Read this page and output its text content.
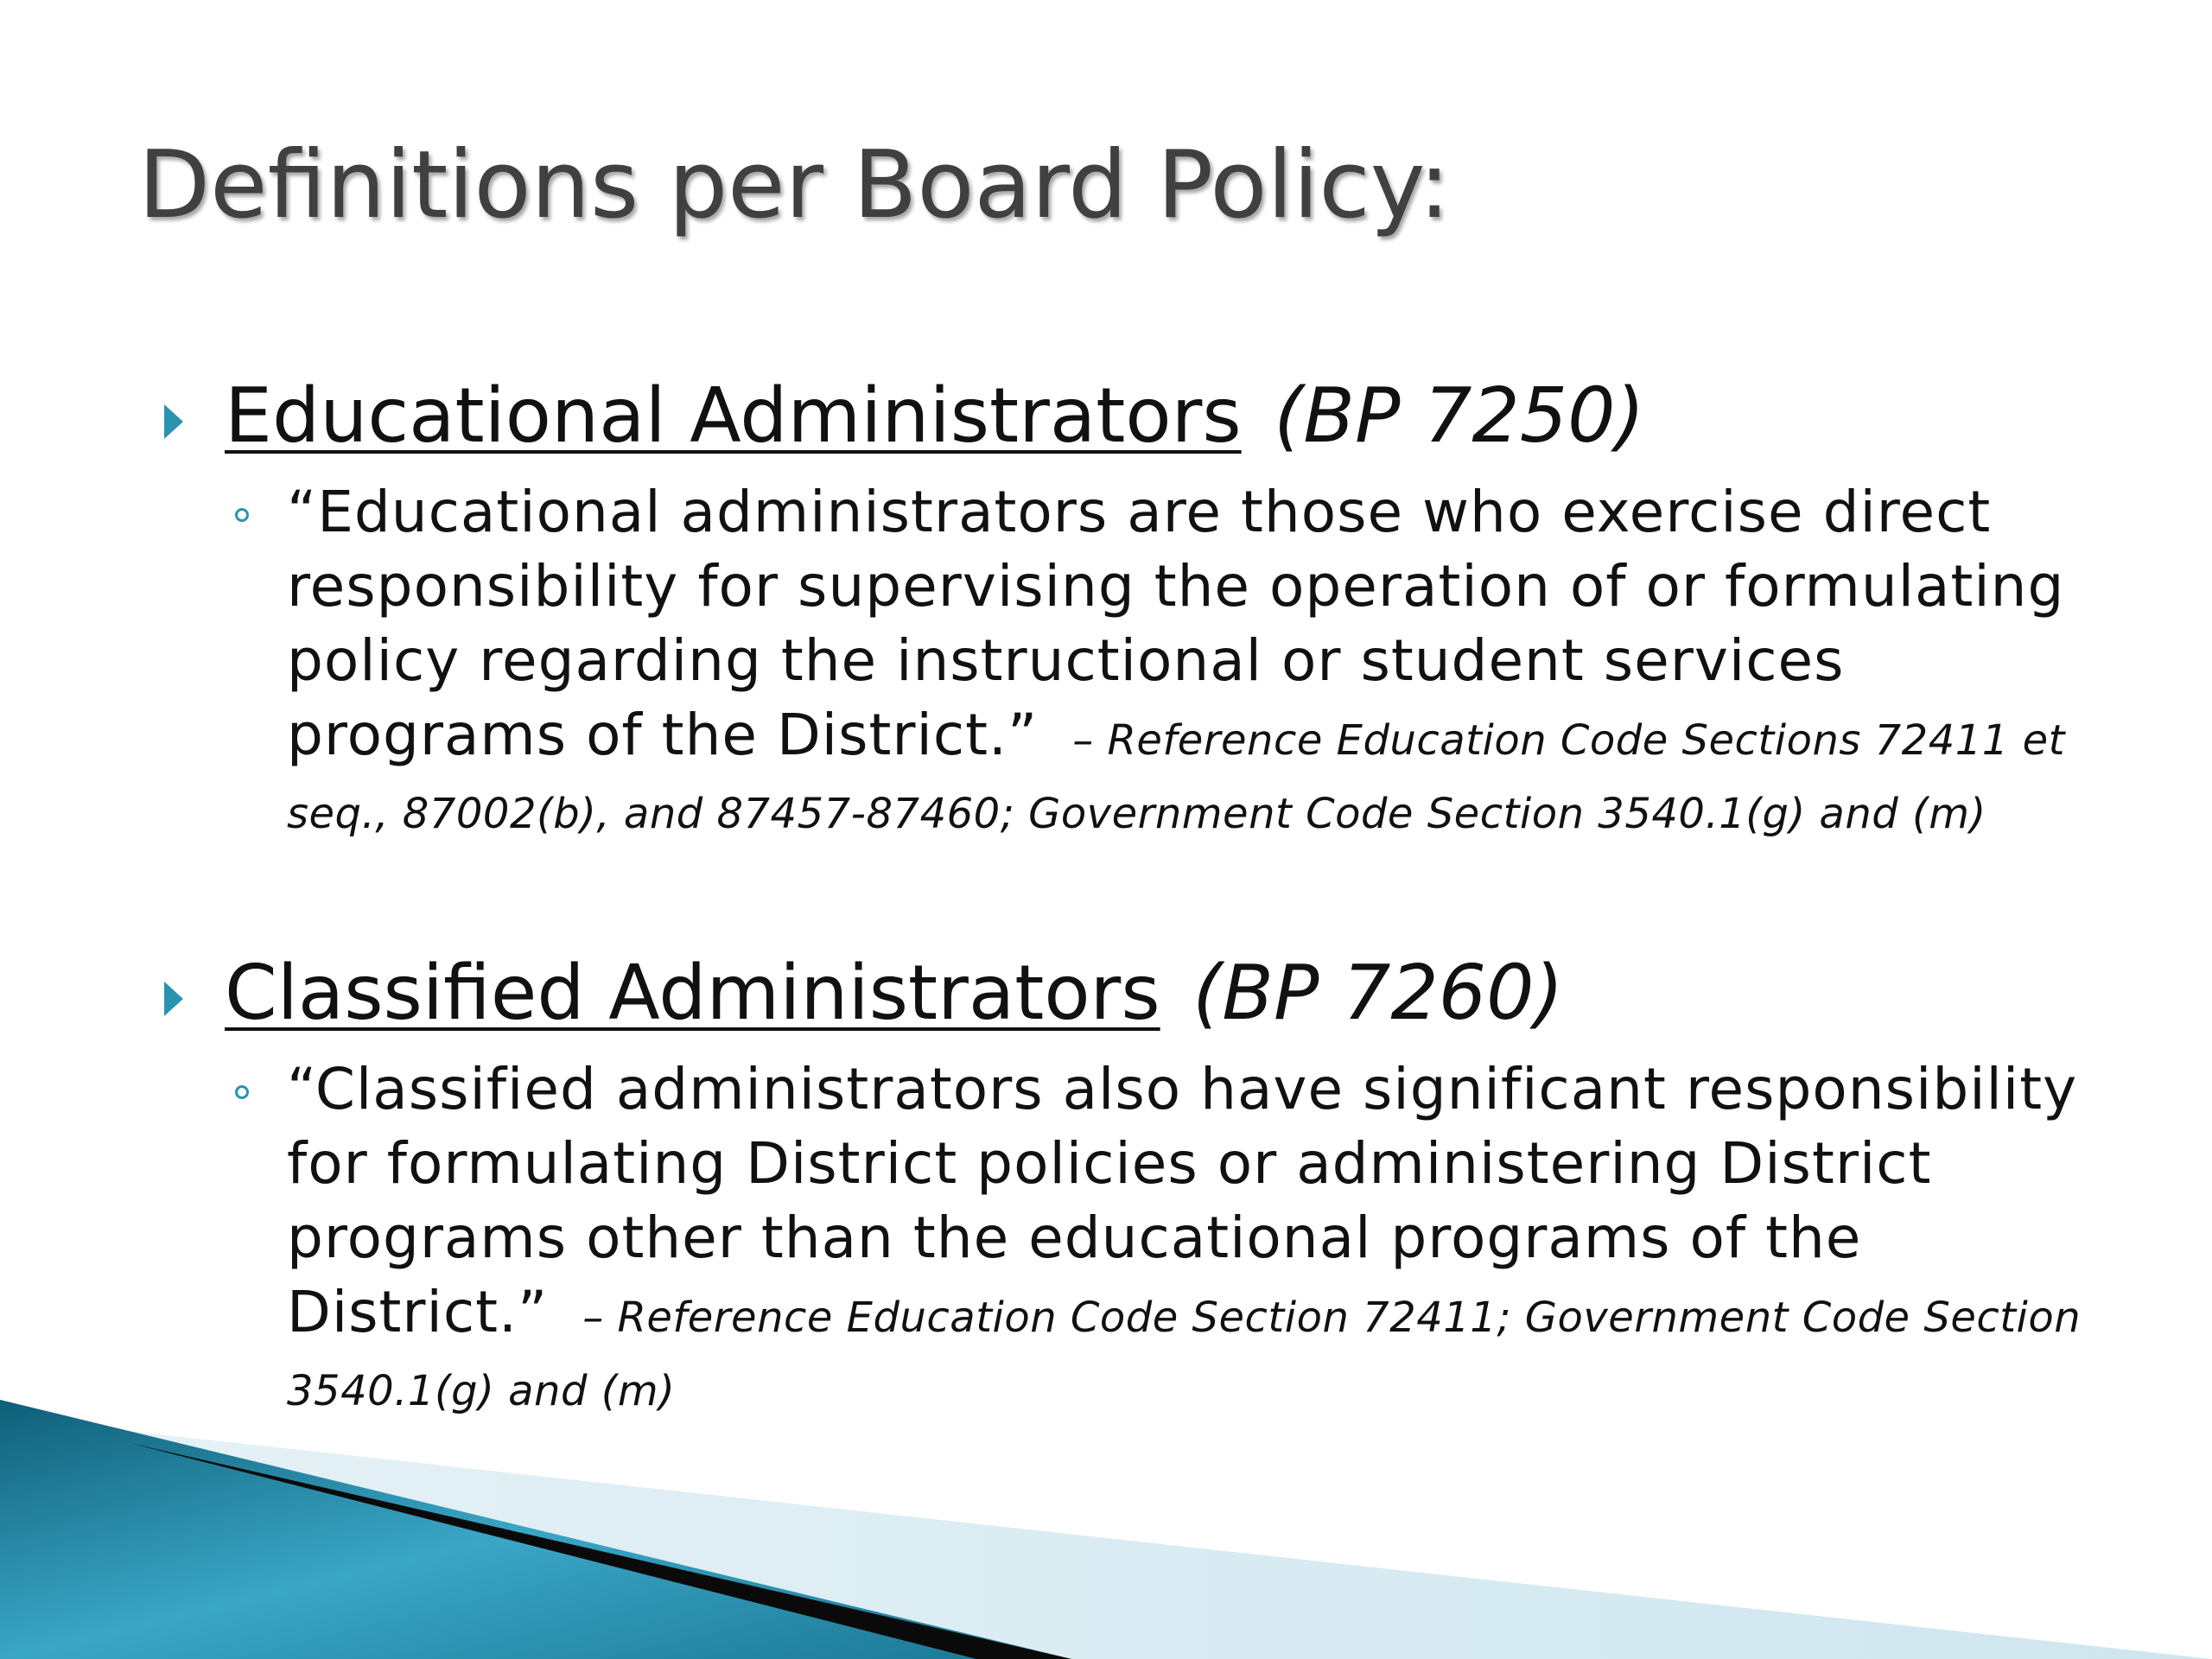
Definitions per Board Policy:
Educational Administrators (BP 7250)

“Educational administrators are those who exercise direct responsibility for supervising the operation of or formulating policy regarding the instructional or student services programs of the District.” – Reference Education Code Sections 72411 et seq., 87002(b), and 87457-87460; Government Code Section 3540.1(g) and (m)

Classified Administrators (BP 7260)

“Classified administrators also have significant responsibility for formulating District policies or administering District programs other than the educational programs of the District.” – Reference Education Code Section 72411; Government Code Section 3540.1(g) and (m)
